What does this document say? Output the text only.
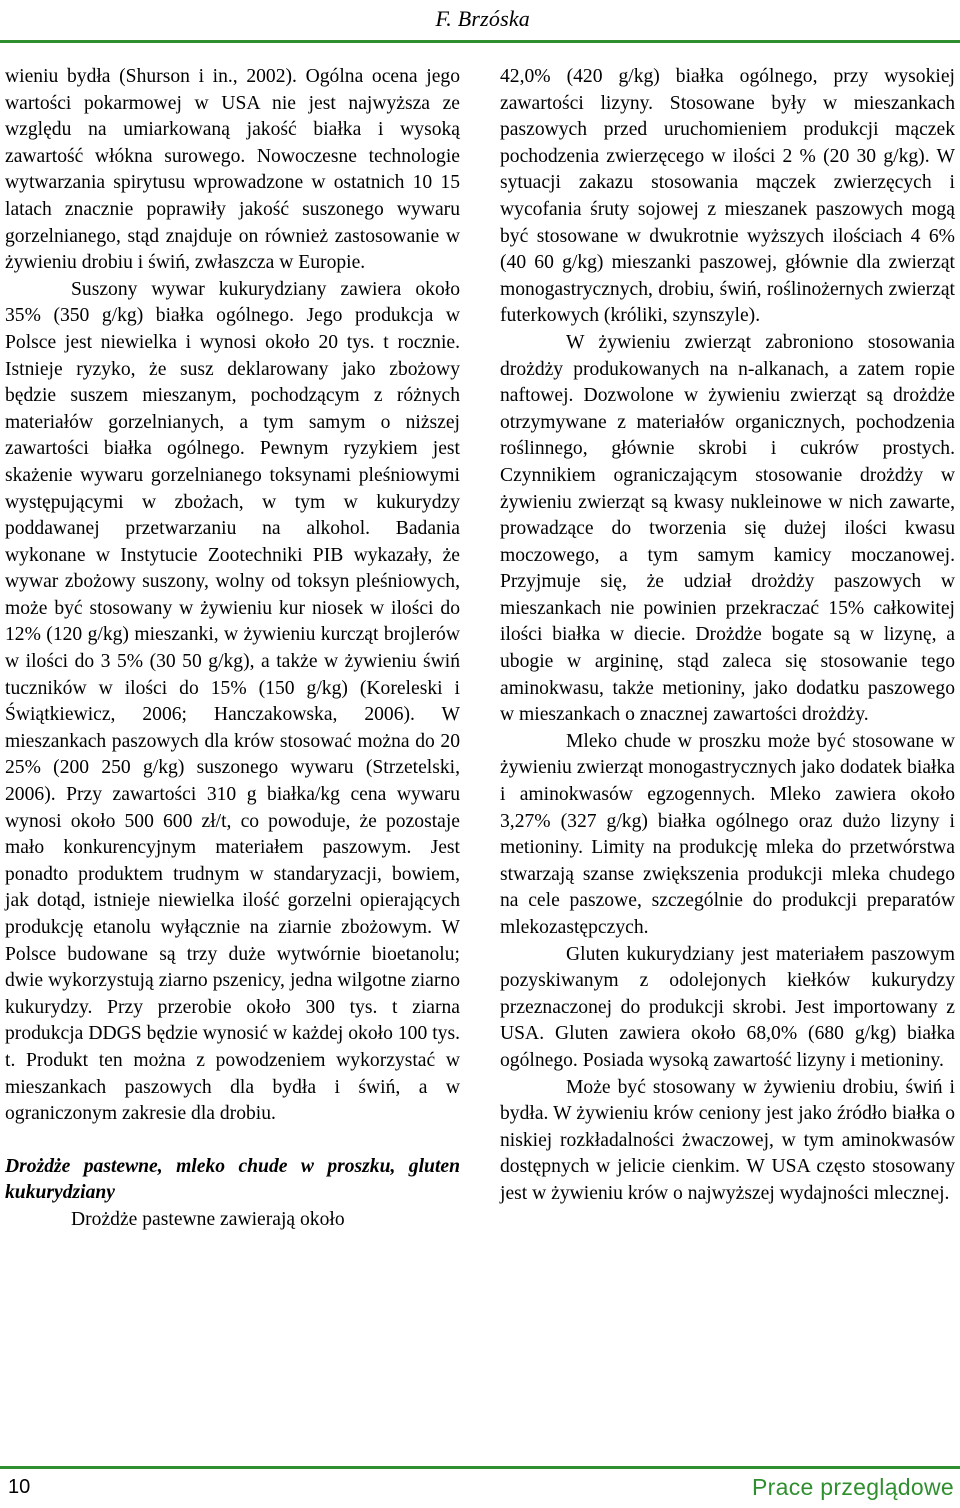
F. Brzóska

wieniu bydła (Shurson i in., 2002). Ogólna ocena jego wartości pokarmowej w USA nie jest najwyższa ze względu na umiarkowaną jakość białka i wysoką zawartość włókna surowego. Nowoczesne technologie wytwarzania spirytusu wprowadzone w ostatnich 10 15 latach znacznie poprawiły jakość suszonego wywaru gorzelnianego, stąd znajduje on również zastosowanie w żywieniu drobiu i świń, zwłaszcza w Europie.

Suszony wywar kukurydziany zawiera około 35% (350 g/kg) białka ogólnego. Jego produkcja w Polsce jest niewielka i wynosi około 20 tys. t rocznie. Istnieje ryzyko, że susz deklarowany jako zbożowy będzie suszem mieszanym, pochodzącym z różnych materiałów gorzelnianych, a tym samym o niższej zawartości białka ogólnego. Pewnym ryzykiem jest skażenie wywaru gorzelnianego toksynami pleśniowymi występującymi w zbożach, w tym w kukurydzy poddawanej przetwarzaniu na alkohol. Badania wykonane w Instytucie Zootechniki PIB wykazały, że wywar zbożowy suszony, wolny od toksyn pleśniowych, może być stosowany w żywieniu kur niosek w ilości do 12% (120 g/kg) mieszanki, w żywieniu kurcząt brojlerów w ilości do 3 5% (30 50 g/kg), a także w żywieniu świń tuczników w ilości do 15% (150 g/kg) (Koreleski i Świątkiewicz, 2006; Hanczakowska, 2006). W mieszankach paszowych dla krów stosować można do 20 25% (200 250 g/kg) suszonego wywaru (Strzetelski, 2006). Przy zawartości 310 g białka/kg cena wywaru wynosi około 500 600 zł/t, co powoduje, że pozostaje mało konkurencyjnym materiałem paszowym. Jest ponadto produktem trudnym w standaryzacji, bowiem, jak dotąd, istnieje niewielka ilość gorzelni opierających produkcję etanolu wyłącznie na ziarnie zbożowym. W Polsce budowane są trzy duże wytwórnie bioetanolu; dwie wykorzystują ziarno pszenicy, jedna wilgotne ziarno kukurydzy. Przy przerobie około 300 tys. t ziarna produkcja DDGS będzie wynosić w każdej około 100 tys. t. Produkt ten można z powodzeniem wykorzystać w mieszankach paszowych dla bydła i świń, a w ograniczonym zakresie dla drobiu.

Drożdże pastewne, mleko chude w proszku, gluten kukurydziany

Drożdże pastewne zawierają około

42,0% (420 g/kg) białka ogólnego, przy wysokiej zawartości lizyny. Stosowane były w mieszankach paszowych przed uruchomieniem produkcji mączek pochodzenia zwierzęcego w ilości 2 % (20 30 g/kg). W sytuacji zakazu stosowania mączek zwierzęcych i wycofania śruty sojowej z mieszanek paszowych mogą być stosowane w dwukrotnie wyższych ilościach 4 6% (40 60 g/kg) mieszanki paszowej, głównie dla zwierząt monogastrycznych, drobiu, świń, roślinożernych zwierząt futerkowych (króliki, szynszyle).

W żywieniu zwierząt zabroniono stosowania drożdży produkowanych na n-alkanach, a zatem ropie naftowej. Dozwolone w żywieniu zwierząt są drożdże otrzymywane z materiałów organicznych, pochodzenia roślinnego, głównie skrobi i cukrów prostych. Czynnikiem ograniczającym stosowanie drożdży w żywieniu zwierząt są kwasy nukleinowe w nich zawarte, prowadzące do tworzenia się dużej ilości kwasu moczowego, a tym samym kamicy moczanowej. Przyjmuje się, że udział drożdży paszowych w mieszankach nie powinien przekraczać 15% całkowitej ilości białka w diecie. Drożdże bogate są w lizynę, a ubogie w argininę, stąd zaleca się stosowanie tego aminokwasu, także metioniny, jako dodatku paszowego w mieszankach o znacznej zawartości drożdży.

Mleko chude w proszku może być stosowane w żywieniu zwierząt monogastrycznych jako dodatek białka i aminokwasów egzogennych. Mleko zawiera około 3,27% (327 g/kg) białka ogólnego oraz dużo lizyny i metioniny. Limity na produkcję mleka do przetwórstwa stwarzają szanse zwiększenia produkcji mleka chudego na cele paszowe, szczególnie do produkcji preparatów mlekozastępczych.

Gluten kukurydziany jest materiałem paszowym pozyskiwanym z odolejonych kiełków kukurydzy przeznaczonej do produkcji skrobi. Jest importowany z USA. Gluten zawiera około 68,0% (680 g/kg) białka ogólnego. Posiada wysoką zawartość lizyny i metioniny.

Może być stosowany w żywieniu drobiu, świń i bydła. W żywieniu krów ceniony jest jako źródło białka o niskiej rozkładalności żwaczowej, w tym aminokwasów dostępnych w jelicie cienkim. W USA często stosowany jest w żywieniu krów o najwyższej wydajności mlecznej.

10	Prace przeglądowe
